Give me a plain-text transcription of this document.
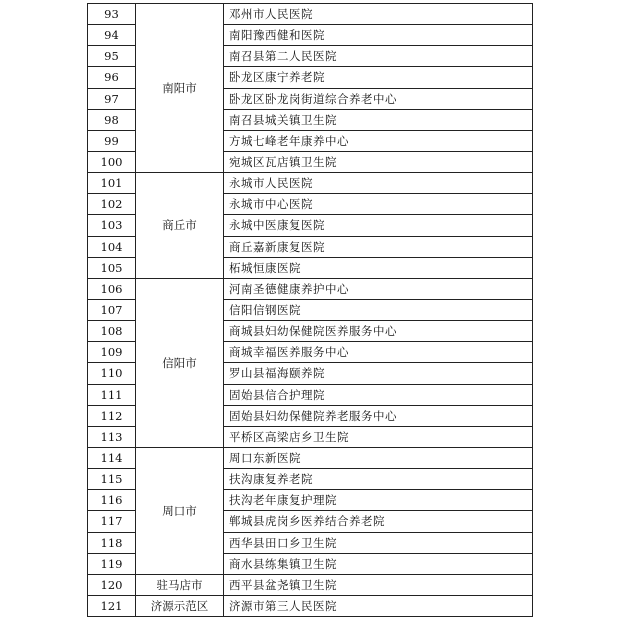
93	南阳市	邓州市人民医院
94		南阳豫西健和医院
95		南召县第二人民医院
96		卧龙区康宁养老院
97		卧龙区卧龙岗街道综合养老中心
98		南召县城关镇卫生院
99		方城七峰老年康养中心
100		宛城区瓦店镇卫生院
101	商丘市	永城市人民医院
102		永城市中心医院
103		永城中医康复医院
104		商丘嘉新康复医院
105		柘城恒康医院
106	信阳市	河南圣德健康养护中心
107		信阳信钢医院
108		商城县妇幼保健院医养服务中心
109		商城幸福医养服务中心
110		罗山县福海颐养院
111		固始县信合护理院
112		固始县妇幼保健院养老服务中心
113		平桥区高梁店乡卫生院
114	周口市	周口东新医院
115		扶沟康复养老院
116		扶沟老年康复护理院
117		郸城县虎岗乡医养结合养老院
118		西华县田口乡卫生院
119		商水县练集镇卫生院
120	驻马店市	西平县盆尧镇卫生院
121	济源示范区	济源市第三人民医院
